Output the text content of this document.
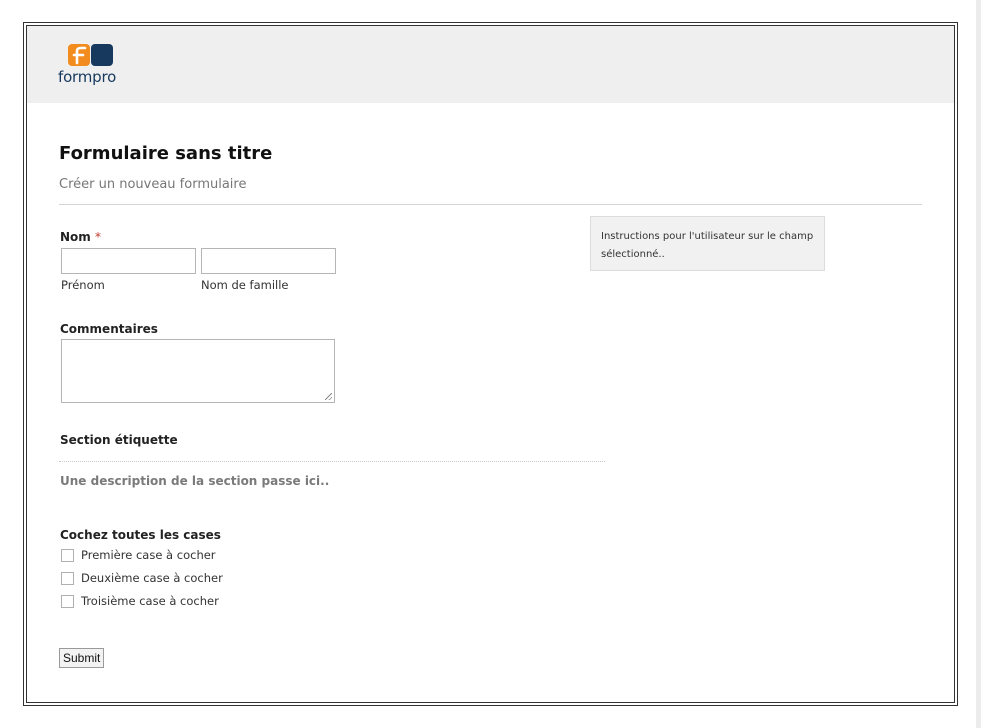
formpro
Formulaire sans titre
Créer un nouveau formulaire
Nom *
Prénom	Nom de famille
Commentaires
Section étiquette
Une description de la section passe ici..
Cochez toutes les cases
Première case à cocher
Deuxième case à cocher
Troisième case à cocher
Submit
Instructions pour l'utilisateur sur le champ sélectionné..
